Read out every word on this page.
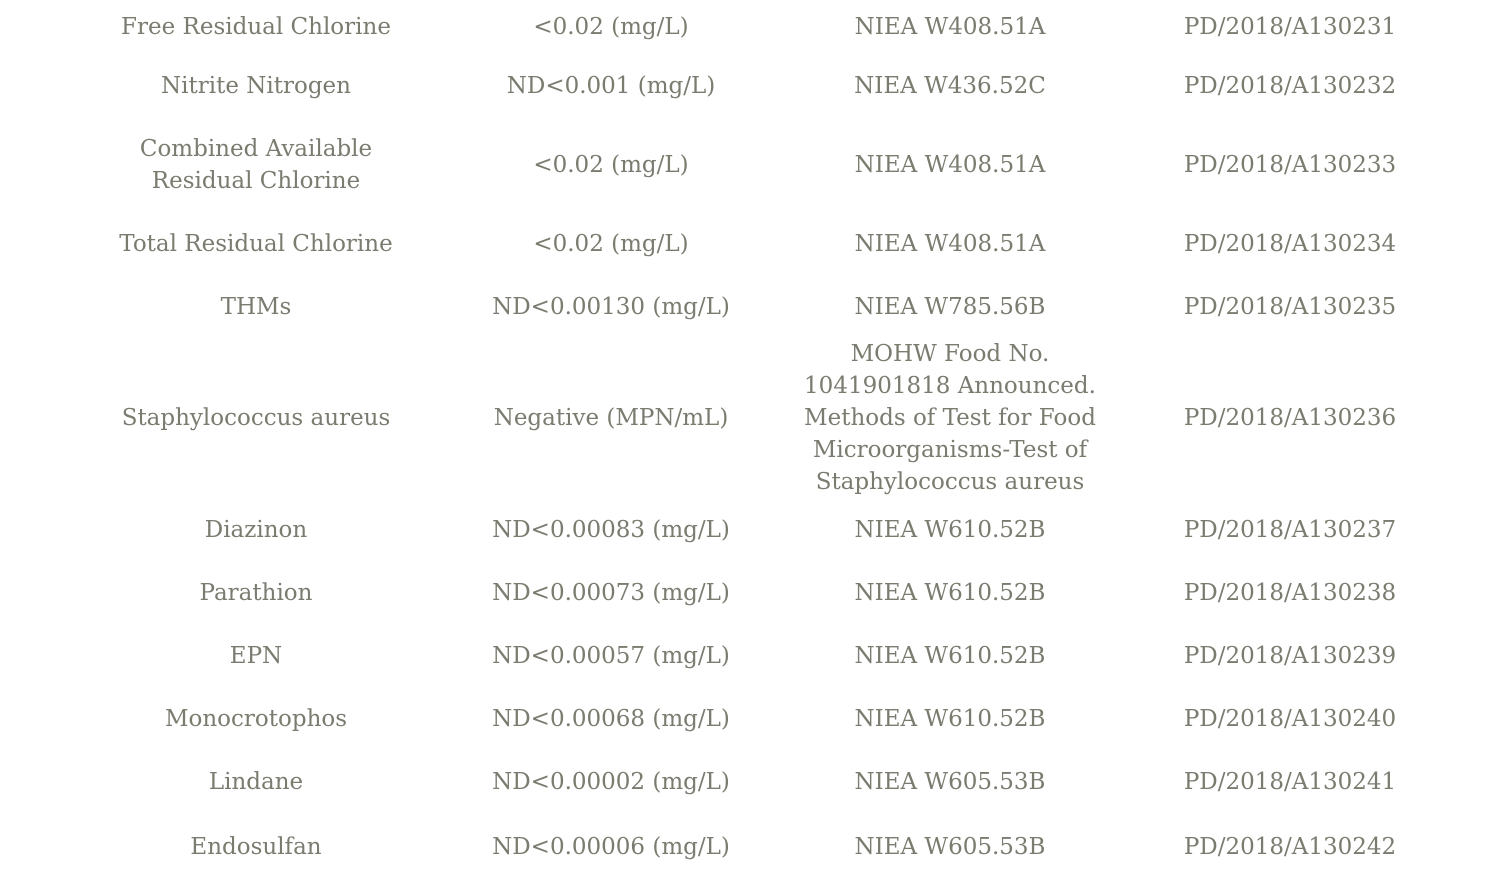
Free Residual Chlorine	<0.02 (mg/L)	NIEA W408.51A	PD/2018/A130231
Nitrite Nitrogen	ND<0.001 (mg/L)	NIEA W436.52C	PD/2018/A130232
Combined Available Residual Chlorine	<0.02 (mg/L)	NIEA W408.51A	PD/2018/A130233
Total Residual Chlorine	<0.02 (mg/L)	NIEA W408.51A	PD/2018/A130234
THMs	ND<0.00130 (mg/L)	NIEA W785.56B	PD/2018/A130235
Staphylococcus aureus	Negative (MPN/mL)	MOHW Food No. 1041901818 Announced. Methods of Test for Food Microorganisms-Test of Staphylococcus aureus	PD/2018/A130236
Diazinon	ND<0.00083 (mg/L)	NIEA W610.52B	PD/2018/A130237
Parathion	ND<0.00073 (mg/L)	NIEA W610.52B	PD/2018/A130238
EPN	ND<0.00057 (mg/L)	NIEA W610.52B	PD/2018/A130239
Monocrotophos	ND<0.00068 (mg/L)	NIEA W610.52B	PD/2018/A130240
Lindane	ND<0.00002 (mg/L)	NIEA W605.53B	PD/2018/A130241
Endosulfan	ND<0.00006 (mg/L)	NIEA W605.53B	PD/2018/A130242
